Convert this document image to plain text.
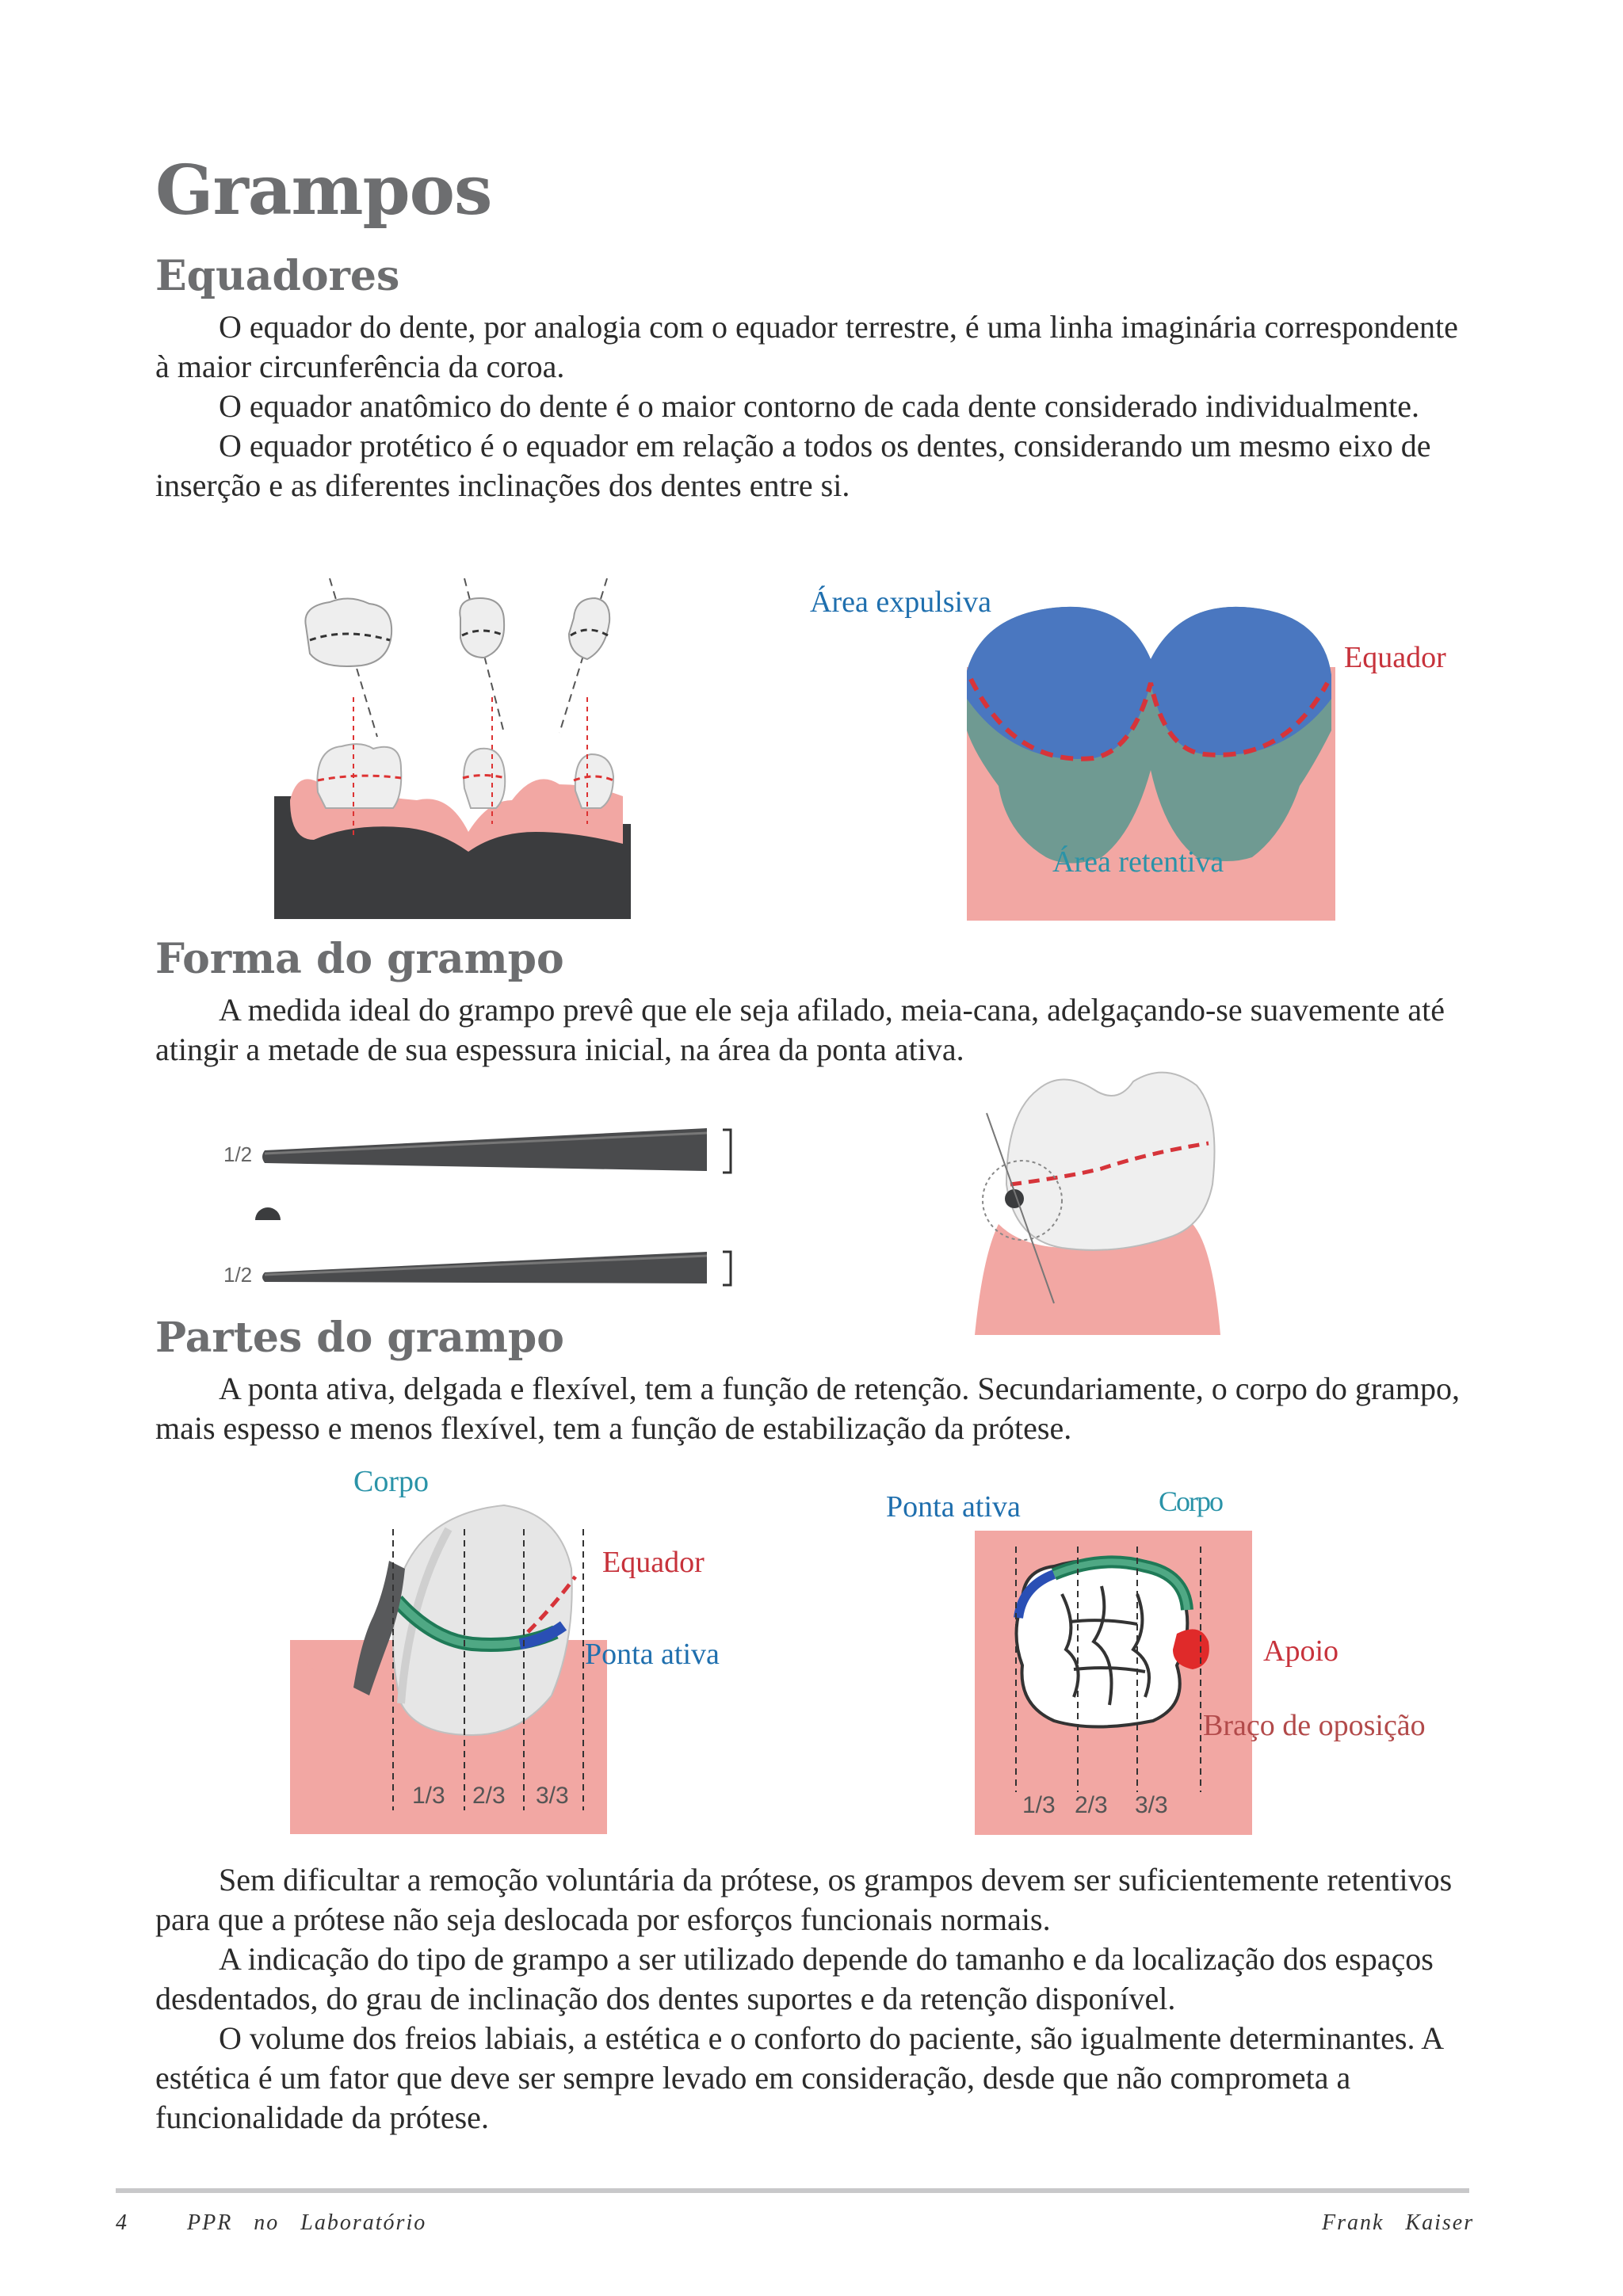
Grampos
Equadores

O equador do dente, por analogia com o equador terrestre, é uma linha imaginária correspondente à maior circunferência da coroa.

O equador anatômico do dente é o maior contorno de cada dente considerado individualmente.

O equador protético é o equador em relação a todos os dentes, considerando um mesmo eixo de inserção e as diferentes inclinações dos dentes entre si.

Área expulsiva
Equador
Área retentiva
Forma do grampo

A medida ideal do grampo prevê que ele seja afilado, meia-cana, adelgaçando-se suavemente até atingir a metade de sua espessura inicial, na área da ponta ativa.

1/2
1/2
Partes do grampo

A ponta ativa, delgada e flexível, tem a função de retenção. Secundariamente, o corpo do grampo, mais espesso e menos flexível, tem a função de estabilização da prótese.

Corpo
Equador
Ponta ativa
1/3 2/3 3/3
Ponta ativa	Corpo
Apoio
Braço de oposição
1/3 2/3 3/3

Sem dificultar a remoção voluntária da prótese, os grampos devem ser suficientemente retentivos para que a prótese não seja deslocada por esforços funcionais normais.

A indicação do tipo de grampo a ser utilizado depende do tamanho e da localização dos espaços desdentados, do grau de inclinação dos dentes suportes e da retenção disponível.

O volume dos freios labiais, a estética e o conforto do paciente, são igualmente determinantes. A estética é um fator que deve ser sempre levado em consideração, desde que não comprometa a funcionalidade da prótese.

4	PPR   no   Laboratório	Frank   Kaiser
